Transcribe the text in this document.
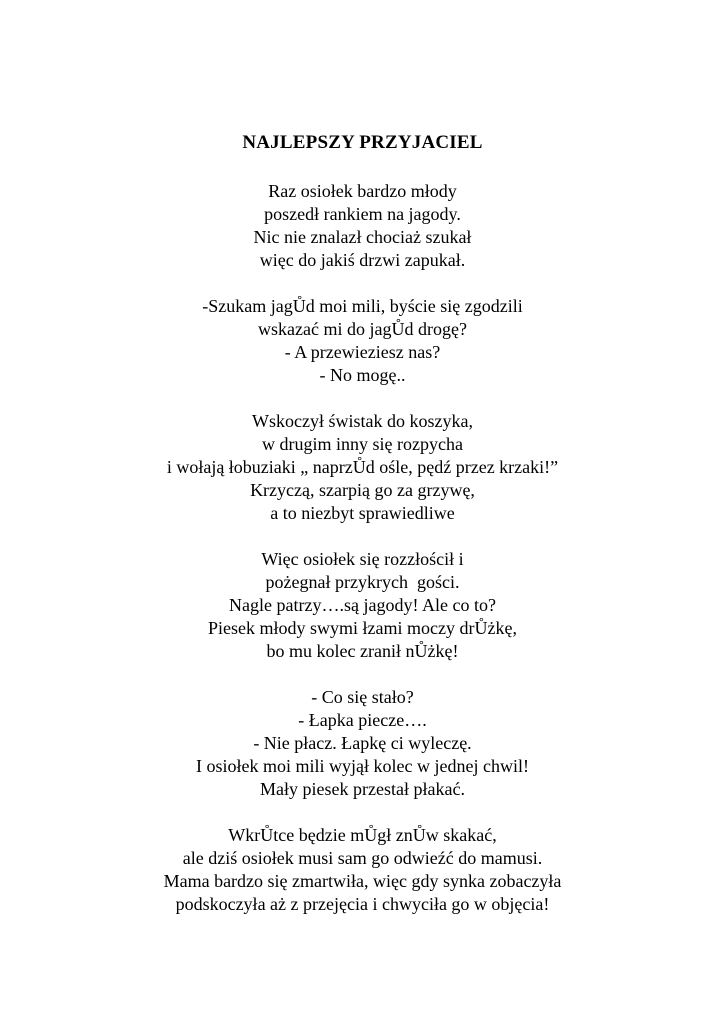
NAJLEPSZY PRZYJACIEL
Raz osiołek bardzo młody
poszedł rankiem na jagody.
Nic nie znalazł chociaż szukał
więc do jakiś drzwi zapukał.
-Szukam jagŮd moi mili, byście się zgodzili
wskazać mi do jagŮd drogę?
- A przewieziesz nas?
- No mogę..
Wskoczył świstak do koszyka,
w drugim inny się rozpycha
i wołają łobuziaki „ naprzŮd ośle, pędź przez krzaki!”
Krzyczą, szarpią go za grzywę,
a to niezbyt sprawiedliwe
Więc osiołek się rozzłościł i
pożegnał przykrych  gości.
Nagle patrzy….są jagody! Ale co to?
Piesek młody swymi łzami moczy drŮżkę,
bo mu kolec zranił nŮżkę!
- Co się stało?
- Łapka piecze….
- Nie płacz. Łapkę ci wyleczę.
I osiołek moi mili wyjął kolec w jednej chwil!
Mały piesek przestał płakać.
WkrŮtce będzie mŮgł znŮw skakać,
ale dziś osiołek musi sam go odwieźć do mamusi.
Mama bardzo się zmartwiła, więc gdy synka zobaczyła
podskoczyła aż z przejęcia i chwyciła go w objęcia!
